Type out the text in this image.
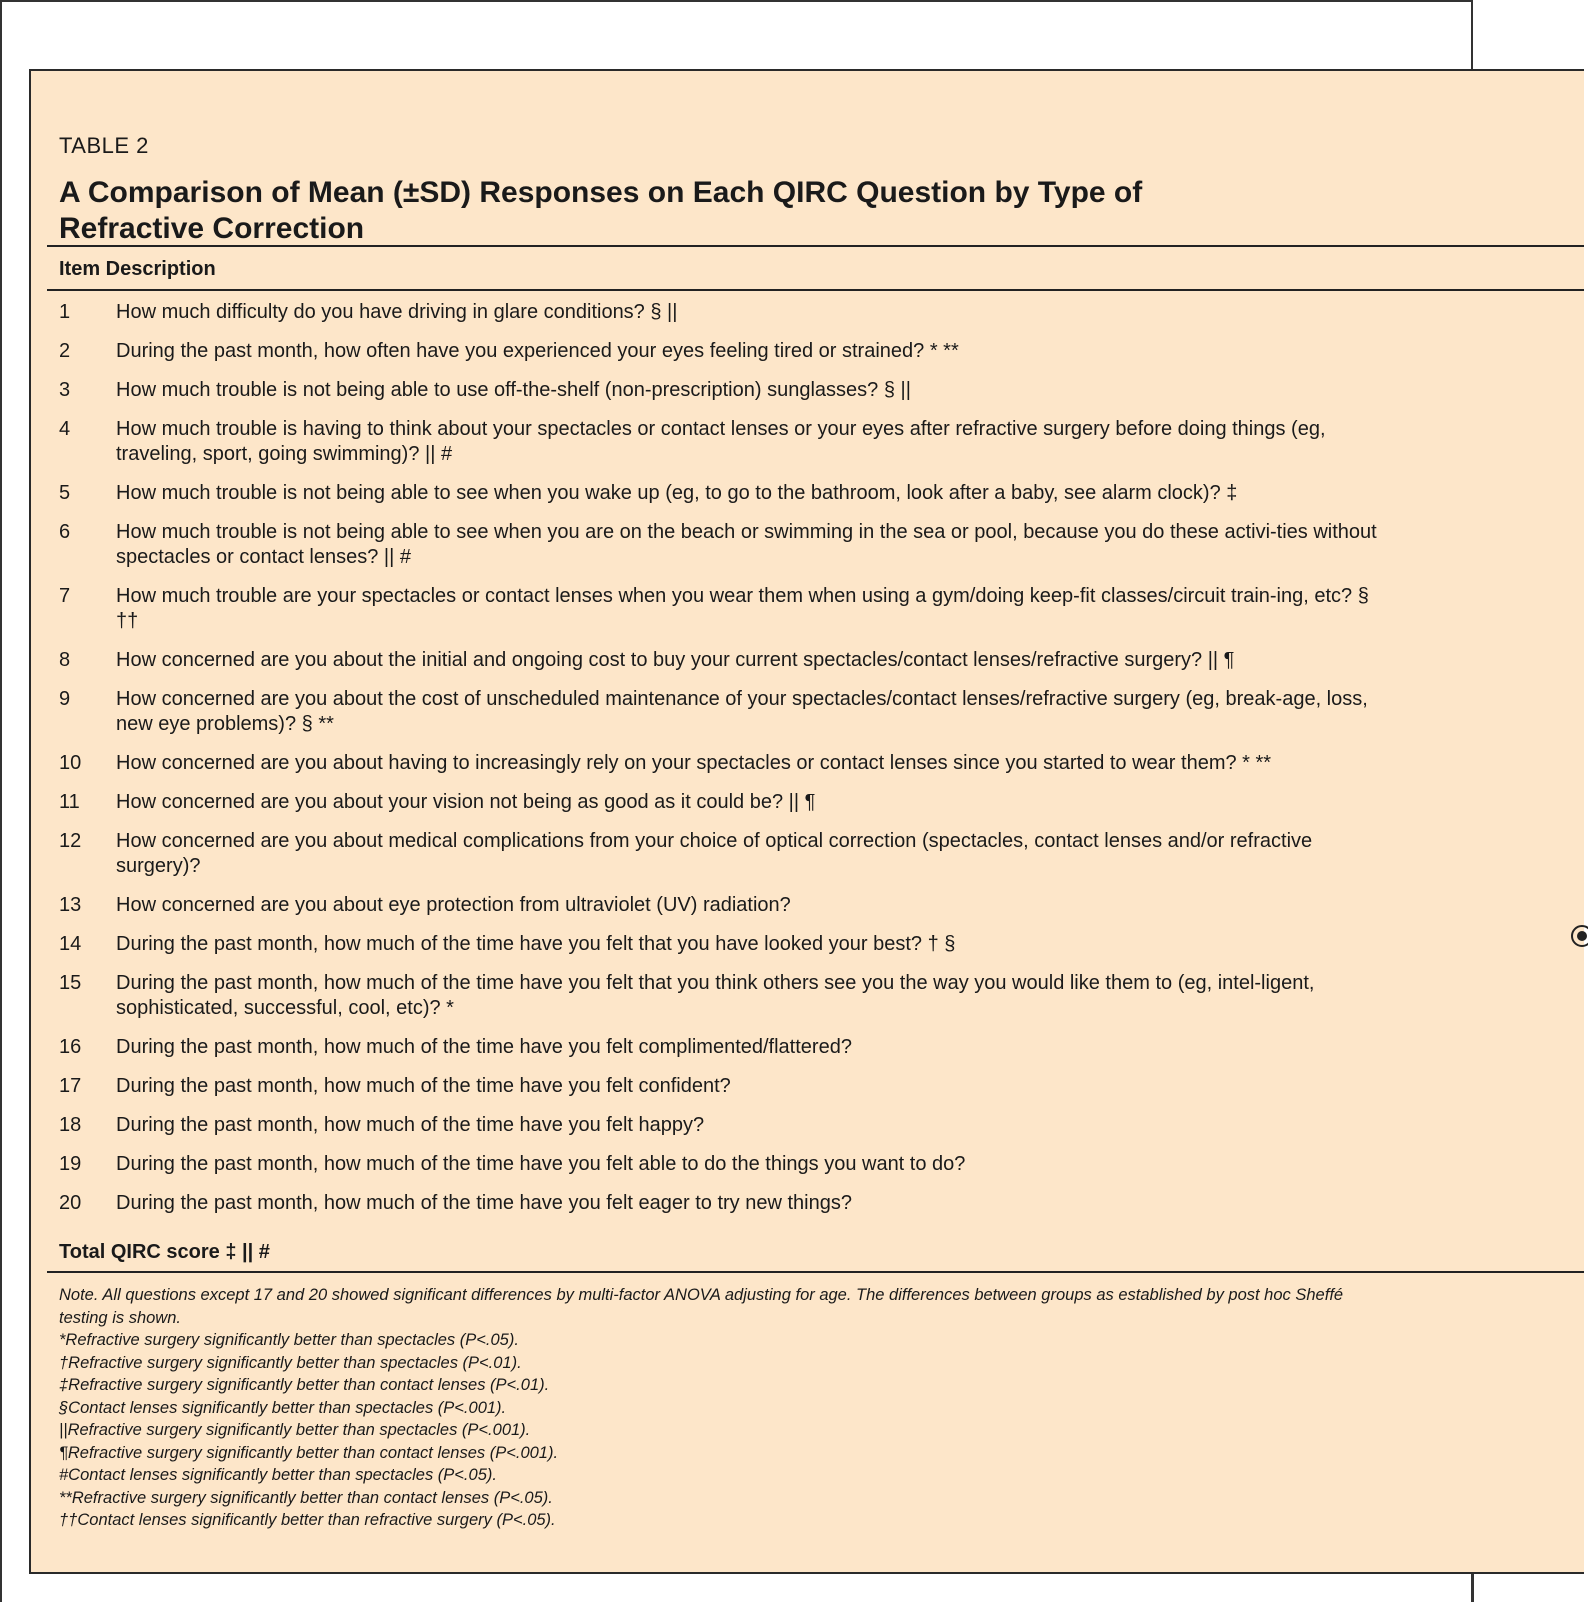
TABLE 2
A Comparison of Mean (±SD) Responses on Each QIRC Question by Type of Refractive Correction
Item Description
1	How much difficulty do you have driving in glare conditions? § ||
2	During the past month, how often have you experienced your eyes feeling tired or strained? * **
3	How much trouble is not being able to use off-the-shelf (non-prescription) sunglasses? § ||
4	How much trouble is having to think about your spectacles or contact lenses or your eyes after refractive surgery before doing things (eg, traveling, sport, going swimming)? || #
5	How much trouble is not being able to see when you wake up (eg, to go to the bathroom, look after a baby, see alarm clock)? ‡
6	How much trouble is not being able to see when you are on the beach or swimming in the sea or pool, because you do these activi-ties without spectacles or contact lenses? || #
7	How much trouble are your spectacles or contact lenses when you wear them when using a gym/doing keep-fit classes/circuit train-ing, etc? § ††
8	How concerned are you about the initial and ongoing cost to buy your current spectacles/contact lenses/refractive surgery? || ¶
9	How concerned are you about the cost of unscheduled maintenance of your spectacles/contact lenses/refractive surgery (eg, break-age, loss, new eye problems)? § **
10	How concerned are you about having to increasingly rely on your spectacles or contact lenses since you started to wear them? * **
11	How concerned are you about your vision not being as good as it could be? || ¶
12	How concerned are you about medical complications from your choice of optical correction (spectacles, contact lenses and/or refractive surgery)?
13	How concerned are you about eye protection from ultraviolet (UV) radiation?
14	During the past month, how much of the time have you felt that you have looked your best? † §
15	During the past month, how much of the time have you felt that you think others see you the way you would like them to (eg, intel-ligent, sophisticated, successful, cool, etc)? *
16	During the past month, how much of the time have you felt complimented/flattered?
17	During the past month, how much of the time have you felt confident?
18	During the past month, how much of the time have you felt happy?
19	During the past month, how much of the time have you felt able to do the things you want to do?
20	During the past month, how much of the time have you felt eager to try new things?
Total QIRC score ‡ || #
Note. All questions except 17 and 20 showed significant differences by multi-factor ANOVA adjusting for age. The differences between groups as established by post hoc Sheffé testing is shown.
*Refractive surgery significantly better than spectacles (P<.05).
†Refractive surgery significantly better than spectacles (P<.01).
‡Refractive surgery significantly better than contact lenses (P<.01).
§Contact lenses significantly better than spectacles (P<.001).
||Refractive surgery significantly better than spectacles (P<.001).
¶Refractive surgery significantly better than contact lenses (P<.001).
#Contact lenses significantly better than spectacles (P<.05).
**Refractive surgery significantly better than contact lenses (P<.05).
††Contact lenses significantly better than refractive surgery (P<.05).
